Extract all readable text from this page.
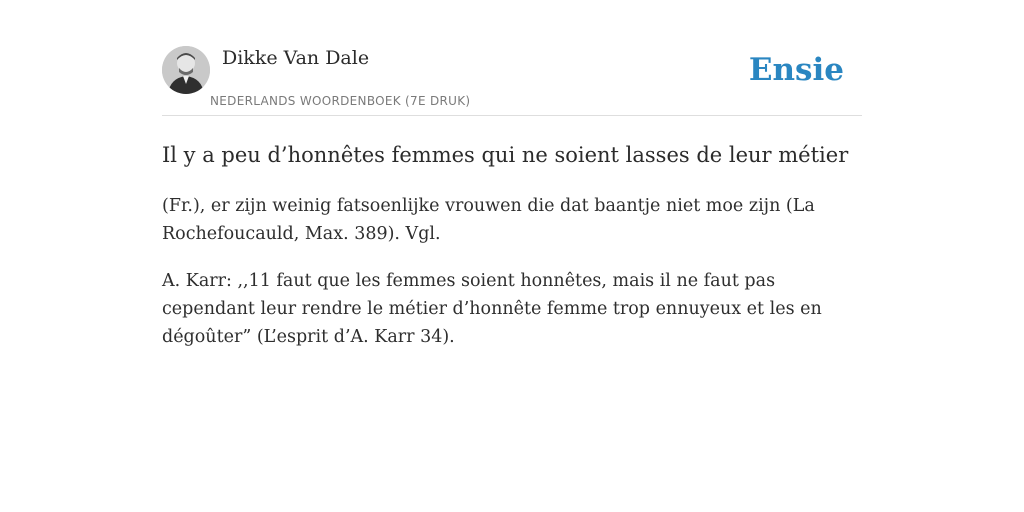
Dikke Van Dale
NEDERLANDS WOORDENBOEK (7E DRUK)
Ensie
Il y a peu d’honnêtes femmes qui ne soient lasses de leur métier

(Fr.), er zijn weinig fatsoenlijke vrouwen die dat baantje niet moe zijn (La Rochefoucauld, Max. 389). Vgl.

A. Karr: ,,11 faut que les femmes soient honnêtes, mais il ne faut pas cependant leur rendre le métier d’honnête femme trop ennuyeux et les en dégoûter” (L’esprit d’A. Karr 34).
